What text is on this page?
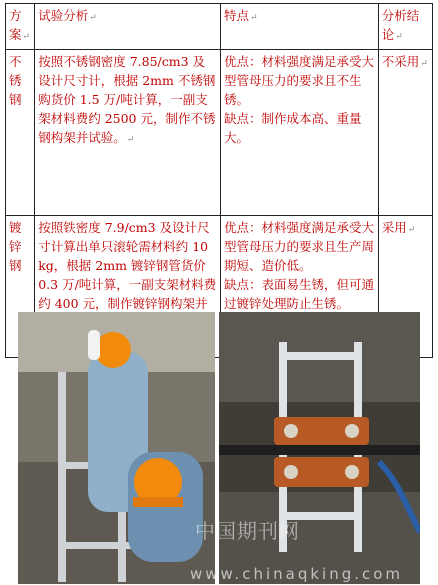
方案↵	试验分析↵	特点↵	分析结论↵
不锈钢	按照不锈钢密度 7.85/cm3 及设计尺寸计，根据 2mm 不锈钢购货价 1.5 万/吨计算，一副支架材料费约 2500 元，制作不锈钢构架并试验。↵	优点：材料强度满足承受大型管母压力的要求且不生锈。
缺点：制作成本高、重量大。	不采用↵
镀锌钢	按照铁密度 7.9/cm3 及设计尺寸计算出单只滚轮需材料约 10 kg，根据 2mm 镀锌钢管货价 0.3 万/吨计算，一副支架材料费约 400 元，制作镀锌钢构架并	优点：材料强度满足承受大型管母压力的要求且生产周期短、造价低。
缺点：表面易生锈，但可通过镀锌处理防止生锈。	采用↵
中国期刊网
www.chinaqking.com
